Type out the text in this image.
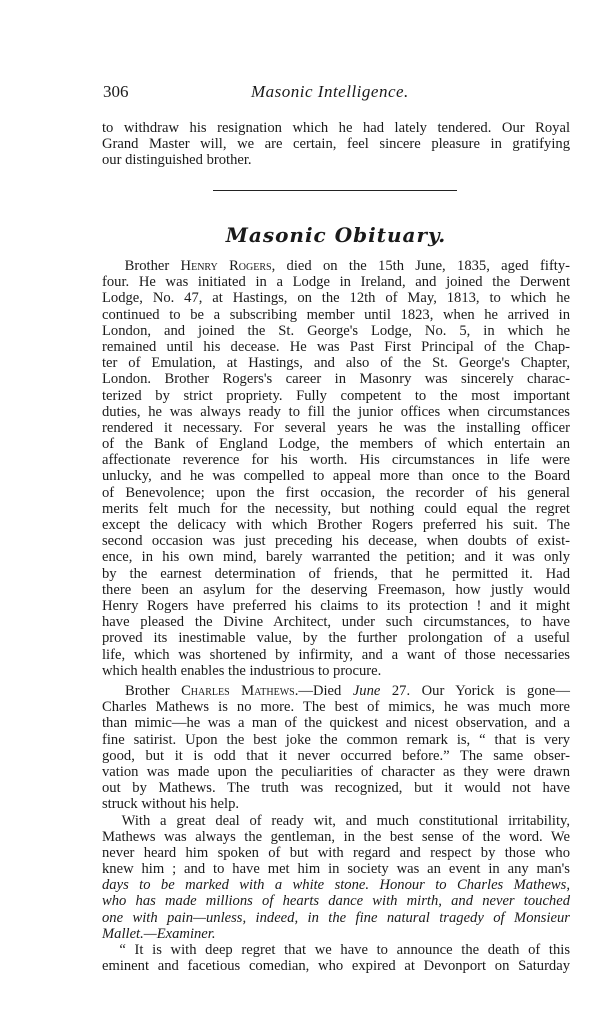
306	Masonic Intelligence.
to withdraw his resignation which he had lately tendered. Our Royal
Grand Master will, we are certain, feel sincere pleasure in gratifying
our distinguished brother.
Masonic Obituary.
Brother Henry Rogers, died on the 15th June, 1835, aged fifty-
four. He was initiated in a Lodge in Ireland, and joined the Derwent
Lodge, No. 47, at Hastings, on the 12th of May, 1813, to which he
continued to be a subscribing member until 1823, when he arrived in
London, and joined the St. George's Lodge, No. 5, in which he
remained until his decease. He was Past First Principal of the Chap-
ter of Emulation, at Hastings, and also of the St. George's Chapter,
London. Brother Rogers's career in Masonry was sincerely charac-
terized by strict propriety. Fully competent to the most important
duties, he was always ready to fill the junior offices when circumstances
rendered it necessary. For several years he was the installing officer
of the Bank of England Lodge, the members of which entertain an
affectionate reverence for his worth. His circumstances in life were
unlucky, and he was compelled to appeal more than once to the Board
of Benevolence; upon the first occasion, the recorder of his general
merits felt much for the necessity, but nothing could equal the regret
except the delicacy with which Brother Rogers preferred his suit. The
second occasion was just preceding his decease, when doubts of exist-
ence, in his own mind, barely warranted the petition; and it was only
by the earnest determination of friends, that he permitted it. Had
there been an asylum for the deserving Freemason, how justly would
Henry Rogers have preferred his claims to its protection ! and it might
have pleased the Divine Architect, under such circumstances, to have
proved its inestimable value, by the further prolongation of a useful
life, which was shortened by infirmity, and a want of those necessaries
which health enables the industrious to procure.
Brother Charles Mathews.—Died June 27. Our Yorick is gone—
Charles Mathews is no more. The best of mimics, he was much more
than mimic—he was a man of the quickest and nicest observation, and a
fine satirist. Upon the best joke the common remark is, “ that is very
good, but it is odd that it never occurred before.” The same obser-
vation was made upon the peculiarities of character as they were drawn
out by Mathews. The truth was recognized, but it would not have
struck without his help.
With a great deal of ready wit, and much constitutional irritability,
Mathews was always the gentleman, in the best sense of the word. We
never heard him spoken of but with regard and respect by those who
knew him ; and to have met him in society was an event in any man's
days to be marked with a white stone. Honour to Charles Mathews,
who has made millions of hearts dance with mirth, and never touched
one with pain—unless, indeed, in the fine natural tragedy of Monsieur
Mallet.—Examiner.
“ It is with deep regret that we have to announce the death of this
eminent and facetious comedian, who expired at Devonport on Saturday
